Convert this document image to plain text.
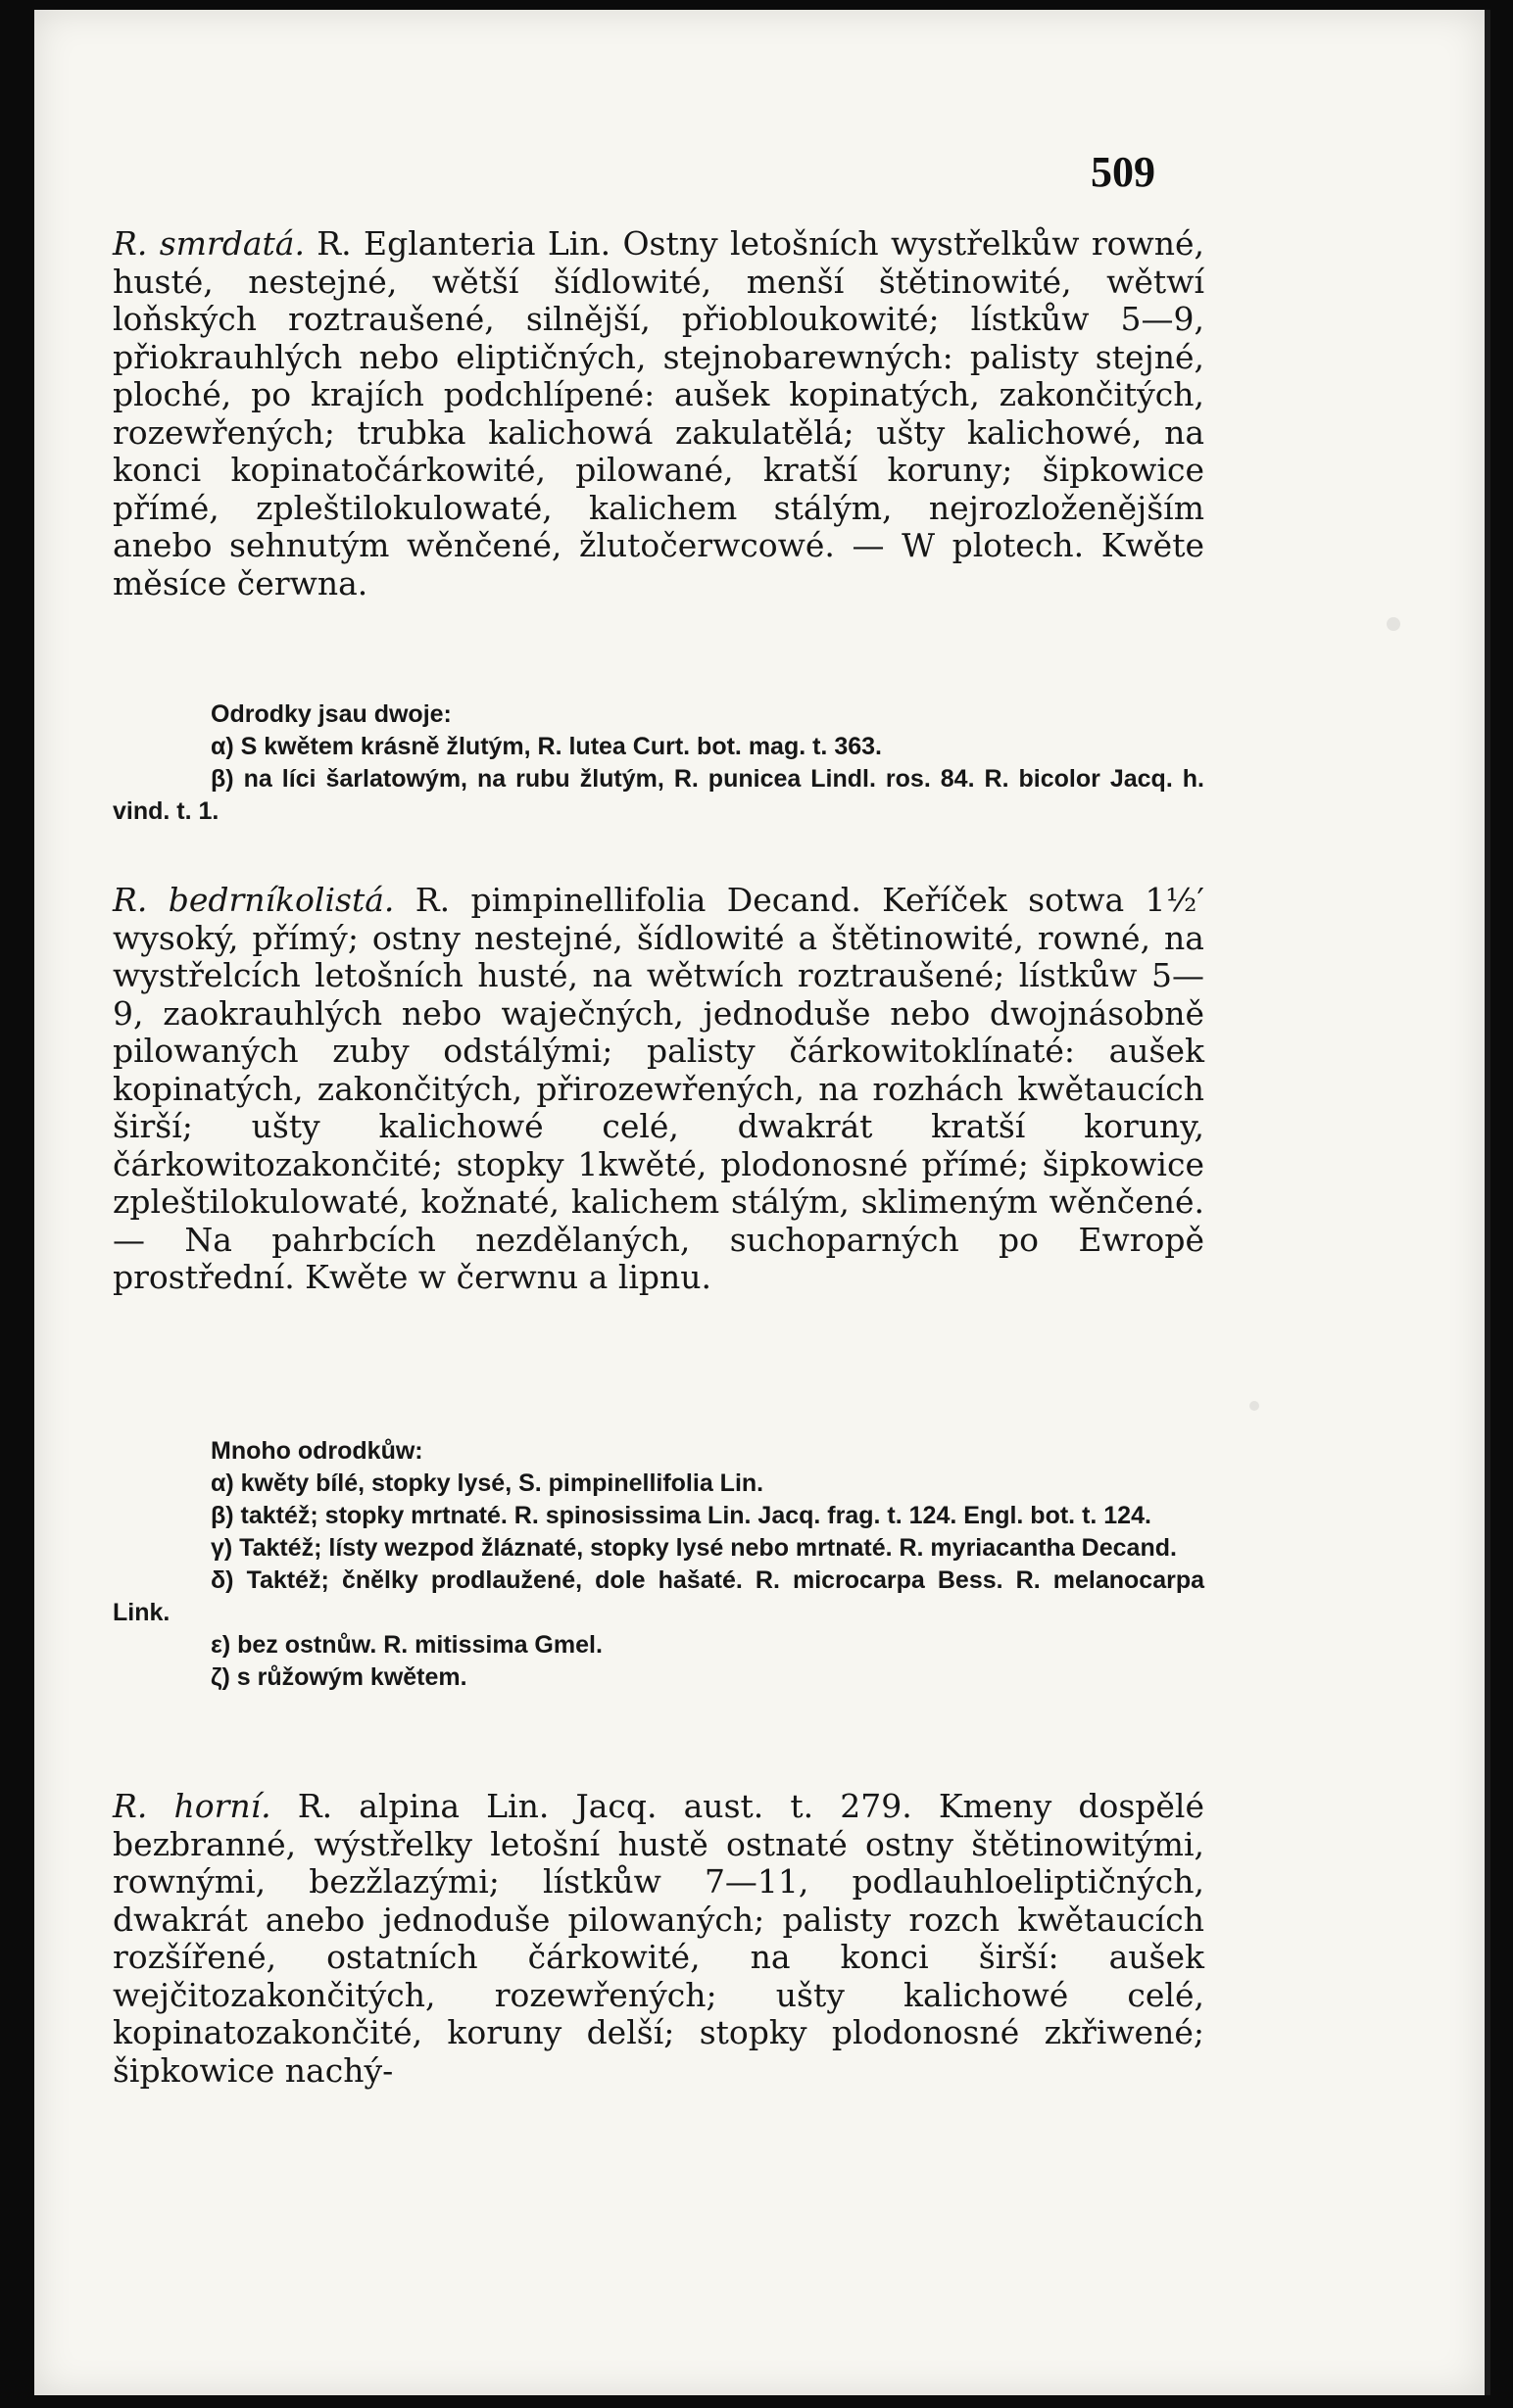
509

R. smrdatá. R. Eglanteria Lin. Ostny letošních wystřelkůw rowné, husté, nestejné, wětší šídlowité, menší štětinowité, wětwí loňských roztraušené, silnější, přiobloukowité; lístkůw 5—9, přiokrauhlých nebo eliptičných, stejnobarewných: palisty stejné, ploché, po krajích podchlípené: aušek kopinatých, zakončitých, rozewřených; trubka kalichowá zakulatělá; ušty kalichowé, na konci kopinatočárkowité, pilowané, kratší koruny; šipkowice přímé, zpleštilokulowaté, kalichem stálým, nejrozloženějším anebo sehnutým wěnčené, žlutočerwcowé. — W plotech. Kwěte měsíce čerwna.

Odrodky jsau dwoje:
α) S kwětem krásně žlutým, R. lutea Curt. bot. mag. t. 363.
β) na líci šarlatowým, na rubu žlutým, R. punicea Lindl. ros. 84. R. bicolor Jacq. h. vind. t. 1.

R. bedrníkolistá. R. pimpinellifolia Decand. Keříček sotwa 1½′ wysoký, přímý; ostny nestejné, šídlowité a štětinowité, rowné, na wystřelcích letošních husté, na wětwích roztraušené; lístkůw 5—9, zaokrauhlých nebo waječných, jednoduše nebo dwojnásobně pilowaných zuby odstálými; palisty čárkowitoklínaté: aušek kopinatých, zakončitých, přirozewřených, na rozhách kwětaucích širší; ušty kalichowé celé, dwakrát kratší koruny, čárkowitozakončité; stopky 1kwěté, plodonosné přímé; šipkowice zpleštilokulowaté, kožnaté, kalichem stálým, sklimeným wěnčené. — Na pahrbcích nezdělaných, suchoparných po Ewropě prostřední. Kwěte w čerwnu a lipnu.

Mnoho odrodkůw:
α) kwěty bílé, stopky lysé, S. pimpinellifolia Lin.
β) taktéž; stopky mrtnaté. R. spinosissima Lin. Jacq. frag. t. 124. Engl. bot. t. 124.
γ) Taktéž; lísty wezpod žláznaté, stopky lysé nebo mrtnaté. R. myriacantha Decand.
δ) Taktéž; čnělky prodlaužené, dole hašaté. R. microcarpa Bess. R. melanocarpa Link.
ε) bez ostnůw. R. mitissima Gmel.
ζ) s růžowým kwětem.

R. horní. R. alpina Lin. Jacq. aust. t. 279. Kmeny dospělé bezbranné, wýstřelky letošní hustě ostnaté ostny štětinowitými, rownými, bezžlazými; lístkůw 7—11, podlauhloeliptičných, dwakrát anebo jednoduše pilowaných; palisty rozch kwětaucích rozšířené, ostatních čárkowité, na konci širší: aušek wejčitozakončitých, rozewřených; ušty kalichowé celé, kopinatozakončité, koruny delší; stopky plodonosné zkřiwené; šipkowice nachý-
